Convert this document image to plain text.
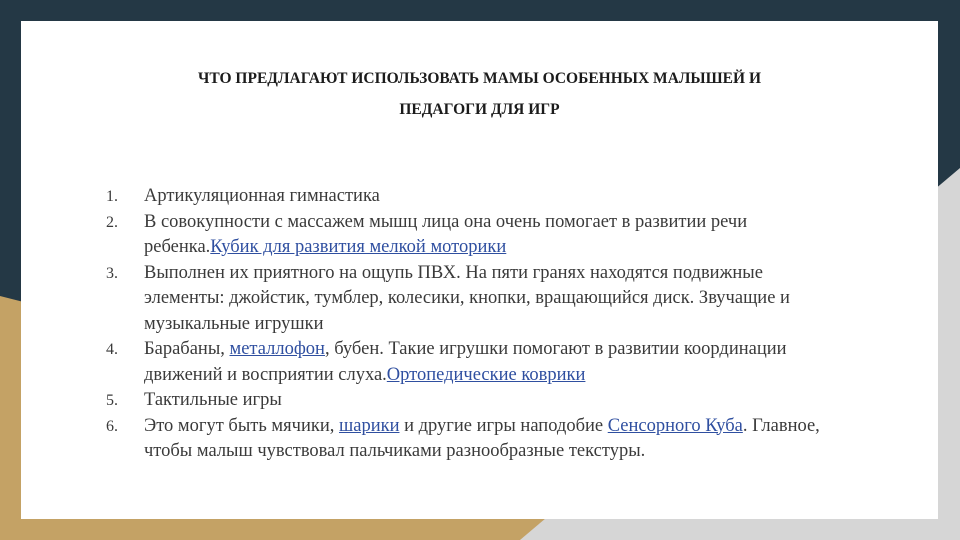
ЧТО ПРЕДЛАГАЮТ ИСПОЛЬЗОВАТЬ МАМЫ ОСОБЕННЫХ МАЛЫШЕЙ И
ПЕДАГОГИ ДЛЯ ИГР
1. Артикуляционная гимнастика
2. В совокупности с массажем мышц лица она очень помогает в развитии речи ребенка.Кубик для развития мелкой моторики
3. Выполнен их приятного на ощупь ПВХ. На пяти гранях находятся подвижные элементы: джойстик, тумблер, колесики, кнопки, вращающийся диск. Звучащие и музыкальные игрушки
4. Барабаны, металлофон, бубен. Такие игрушки помогают в развитии координации движений и восприятии слуха.Ортопедические коврики
5. Тактильные игры
6. Это могут быть мячики, шарики и другие игры наподобие Сенсорного Куба. Главное, чтобы малыш чувствовал пальчиками разнообразные текстуры.
